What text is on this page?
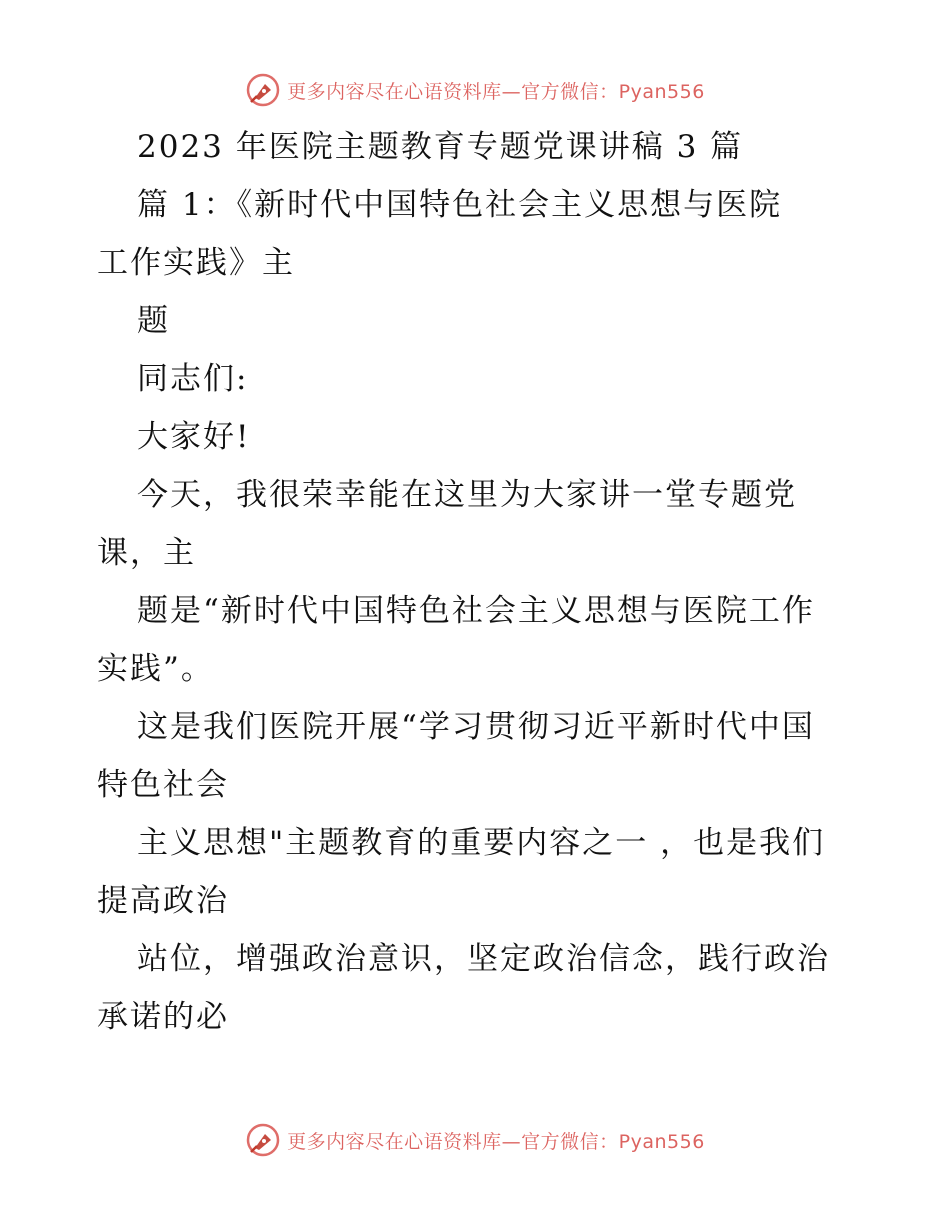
更多内容尽在心语资料库—官方微信：Pyan556
2023 年医院主题教育专题党课讲稿 3 篇
篇 1：《新时代中国特色社会主义思想与医院
工作实践》主
题
同志们:
大家好!
今天，我很荣幸能在这里为大家讲一堂专题党
课，主
题是“新时代中国特色社会主义思想与医院工作
实践”。
这是我们医院开展“学习贯彻习近平新时代中国
特色社会
主义思想"主题教育的重要内容之一 ，也是我们
提高政治
站位，增强政治意识，坚定政治信念，践行政治
承诺的必
更多内容尽在心语资料库—官方微信：Pyan556
